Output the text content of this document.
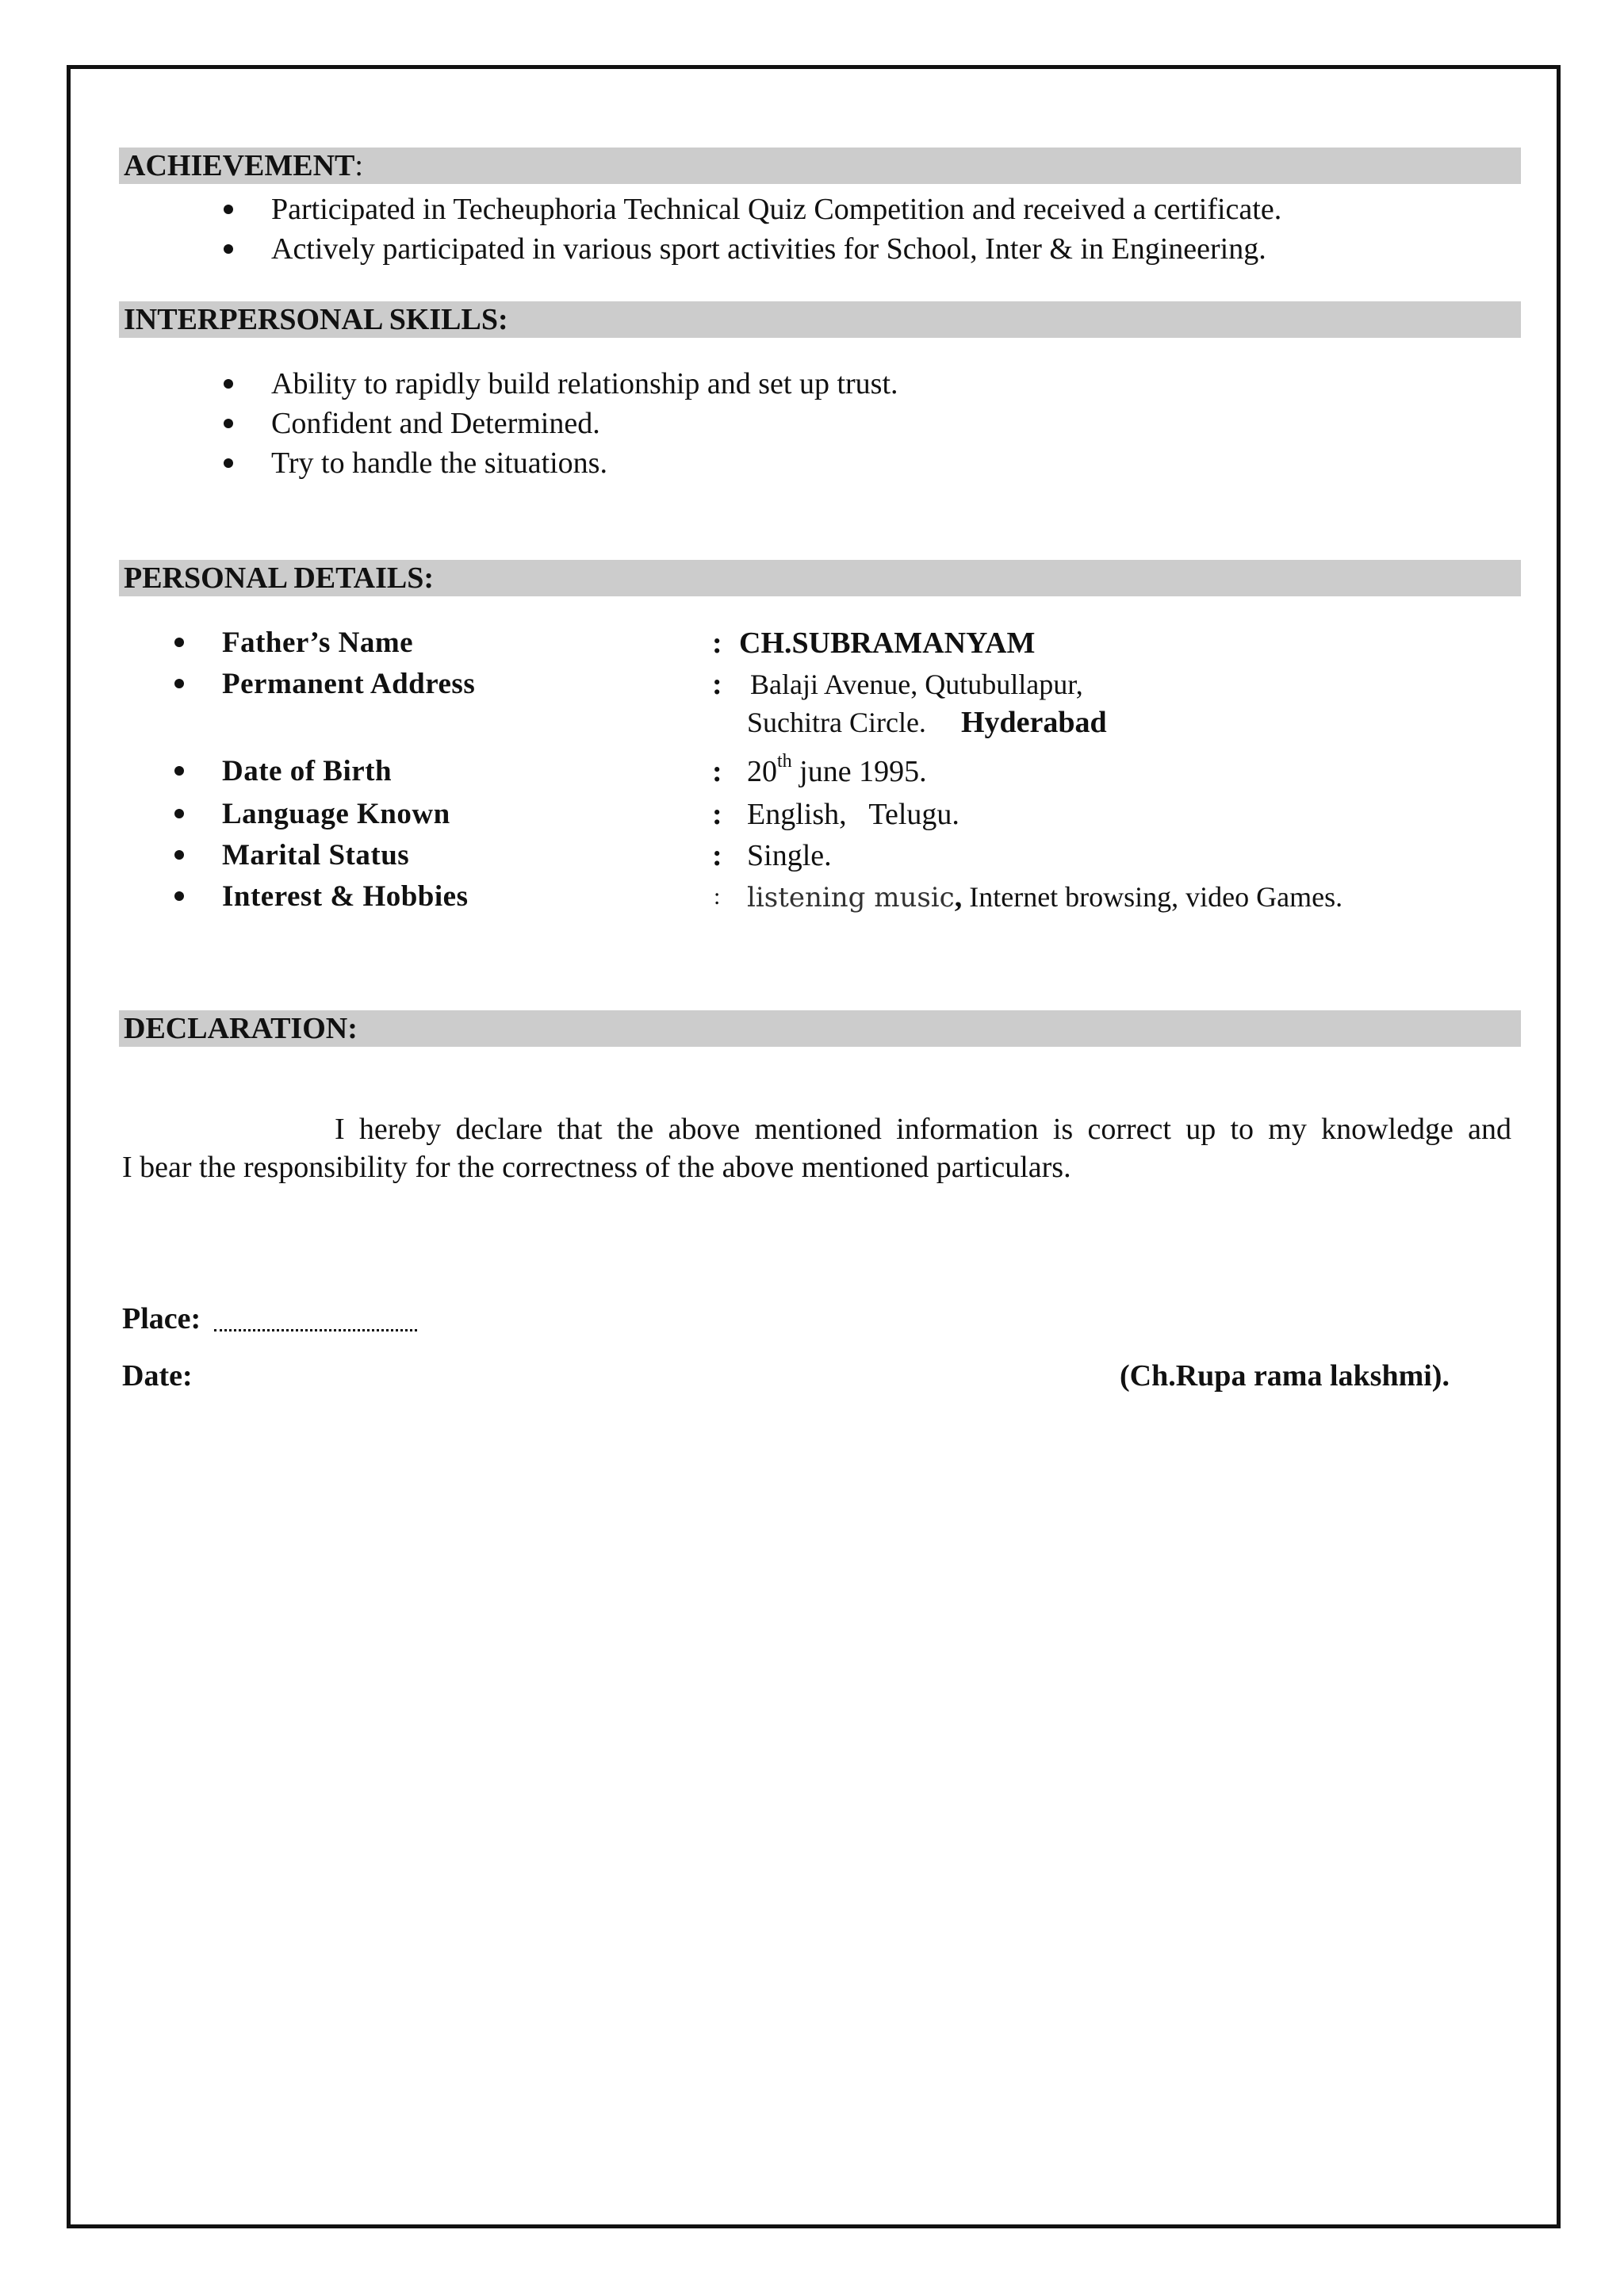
ACHIEVEMENT:
Participated in Techeuphoria Technical Quiz Competition and received a certificate.
Actively participated in various sport activities for School, Inter & in Engineering.
INTERPERSONAL SKILLS:
Ability to rapidly build relationship and set up trust.
Confident and Determined.
Try to handle the situations.
PERSONAL DETAILS:
Father’s Name	: CH.SUBRAMANYAM
Permanent Address	: Balaji Avenue, Qutubullapur,
Suchitra Circle. Hyderabad
Date of Birth	: 20th june 1995.
Language Known	: English,   Telugu.
Marital Status	: Single.
Interest & Hobbies	: listening music, Internet browsing, video Games.
DECLARATION:
I hereby declare that the above mentioned information is correct up to my knowledge and
I bear the responsibility for the correctness of the above mentioned particulars.
Place:
Date:	(Ch.Rupa rama lakshmi).
